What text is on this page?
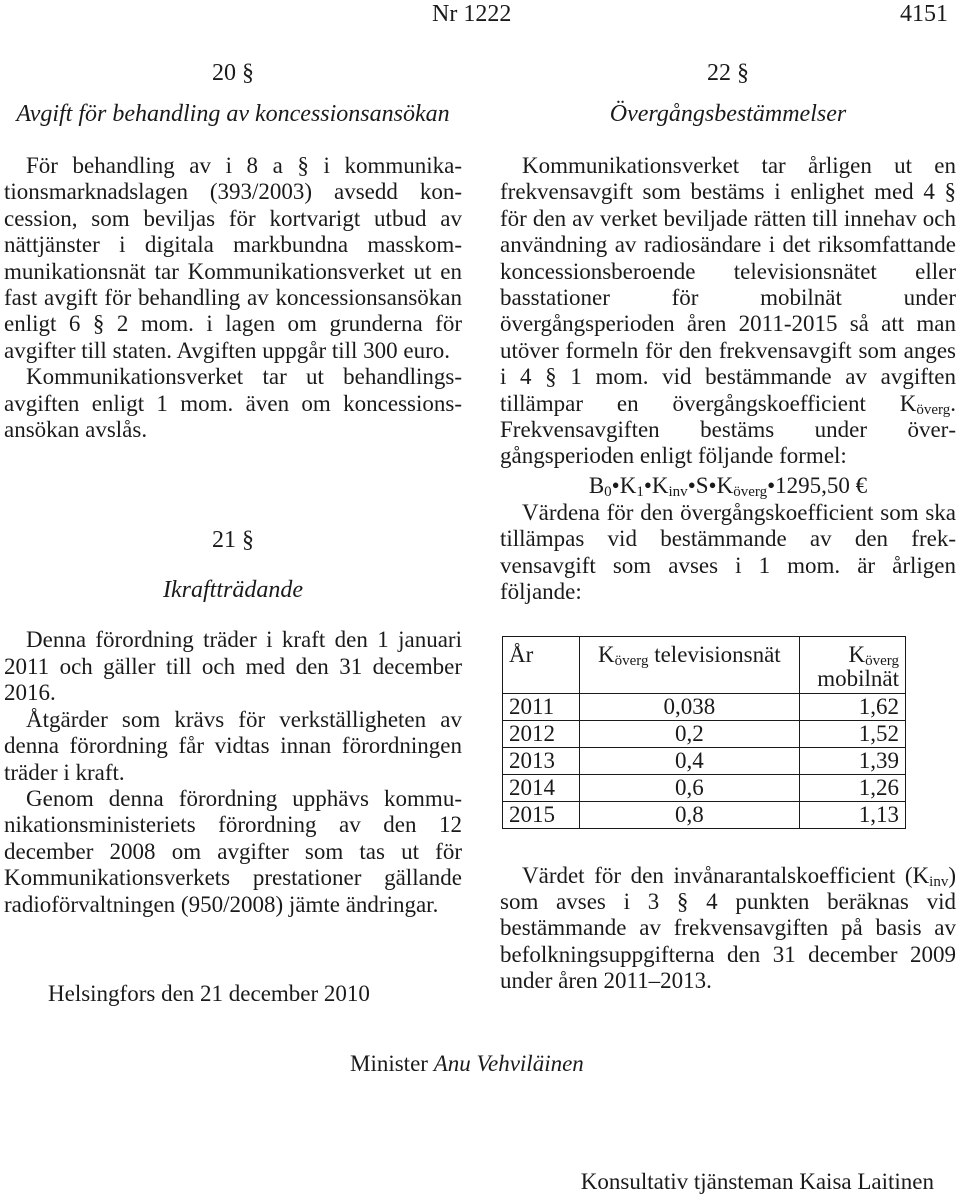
Nr 1222	4151
20 §
Avgift för behandling av koncessionsansökan

För behandling av i 8 a § i kommunikationsmarknadslagen (393/2003) avsedd koncession, som beviljas för kortvarigt utbud av nättjänster i digitala markbundna masskommunikationsnät tar Kommunikationsverket ut en fast avgift för behandling av koncessionsansökan enligt 6 § 2 mom. i lagen om grunderna för avgifter till staten. Avgiften uppgår till 300 euro.

Kommunikationsverket tar ut behandlingsavgiften enligt 1 mom. även om koncessionsansökan avslås.

21 §
Ikraftträdande

Denna förordning träder i kraft den 1 januari 2011 och gäller till och med den 31 december 2016.

Åtgärder som krävs för verkställigheten av denna förordning får vidtas innan förordningen träder i kraft.

Genom denna förordning upphävs kommunikationsministeriets förordning av den 12 december 2008 om avgifter som tas ut för Kommunikationsverkets prestationer gällande radioförvaltningen (950/2008) jämte ändringar.

22 §
Övergångsbestämmelser

Kommunikationsverket tar årligen ut en frekvensavgift som bestäms i enlighet med 4 § för den av verket beviljade rätten till innehav och användning av radiosändare i det riksomfattande koncessionsberoende televisionsnätet eller basstationer för mobilnät under övergångsperioden åren 2011-2015 så att man utöver formeln för den frekvensavgift som anges i 4 § 1 mom. vid bestämmande av avgiften tillämpar en övergångskoefficient $K_{överg}$. Frekvensavgiften bestäms under övergångsperioden enligt följande formel:

$B_0•K_1•K_{inv}•S•K_{överg}•1295,50$ €

Värdena för den övergångskoefficient som ska tillämpas vid bestämmande av den frekvensavgift som avses i 1 mom. är årligen följande:

År	$K_{överg}$ televisionsnät	$K_{överg}$
mobilnät
2011	0,038	1,62
2012	0,2	1,52
2013	0,4	1,39
2014	0,6	1,26
2015	0,8	1,13

Värdet för den invånarantalskoefficient $(K_{inv})$ som avses i 3 § 4 punkten beräknas vid bestämmande av frekvensavgiften på basis av befolkningsuppgifterna den 31 december 2009 under åren 2011–2013.

Helsingfors den 21 december 2010
Minister Anu Vehviläinen
Konsultativ tjänsteman Kaisa Laitinen
